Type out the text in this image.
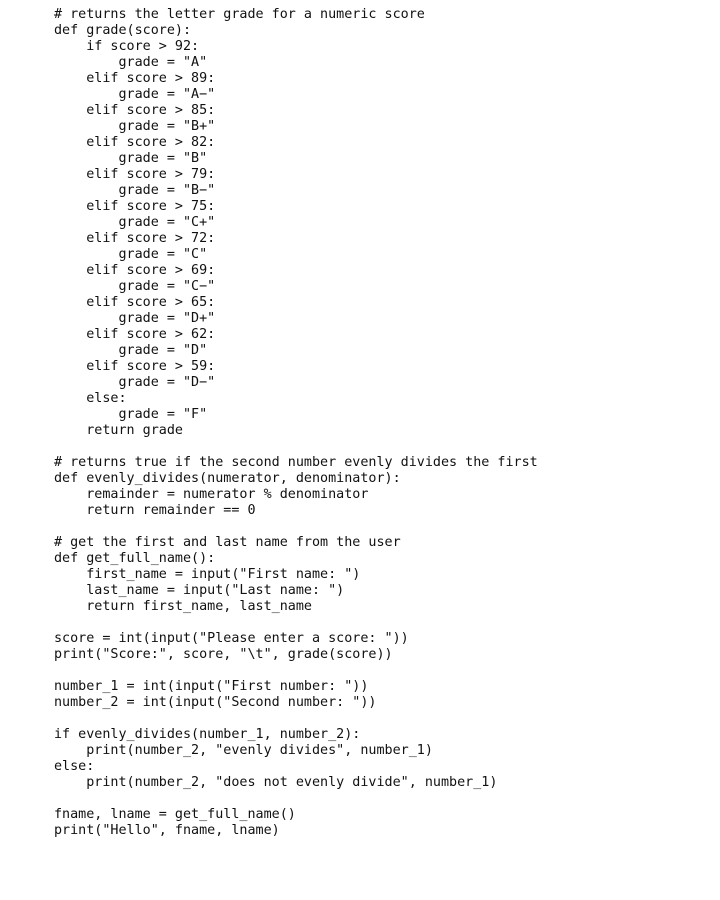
# returns the letter grade for a numeric score
def grade(score):
if score > 92:
grade = "A"
elif score > 89:
grade = "A−"
elif score > 85:
grade = "B+"
elif score > 82:
grade = "B"
elif score > 79:
grade = "B−"
elif score > 75:
grade = "C+"
elif score > 72:
grade = "C"
elif score > 69:
grade = "C−"
elif score > 65:
grade = "D+"
elif score > 62:
grade = "D"
elif score > 59:
grade = "D−"
else:
grade = "F"
return grade
# returns true if the second number evenly divides the first
def evenly_divides(numerator, denominator):
remainder = numerator % denominator
return remainder == 0
# get the first and last name from the user
def get_full_name():
first_name = input("First name: ")
last_name = input("Last name: ")
return first_name, last_name
score = int(input("Please enter a score: "))
print("Score:", score, "\t", grade(score))
number_1 = int(input("First number: "))
number_2 = int(input("Second number: "))
if evenly_divides(number_1, number_2):
print(number_2, "evenly divides", number_1)
else:
print(number_2, "does not evenly divide", number_1)
fname, lname = get_full_name()
print("Hello", fname, lname)
